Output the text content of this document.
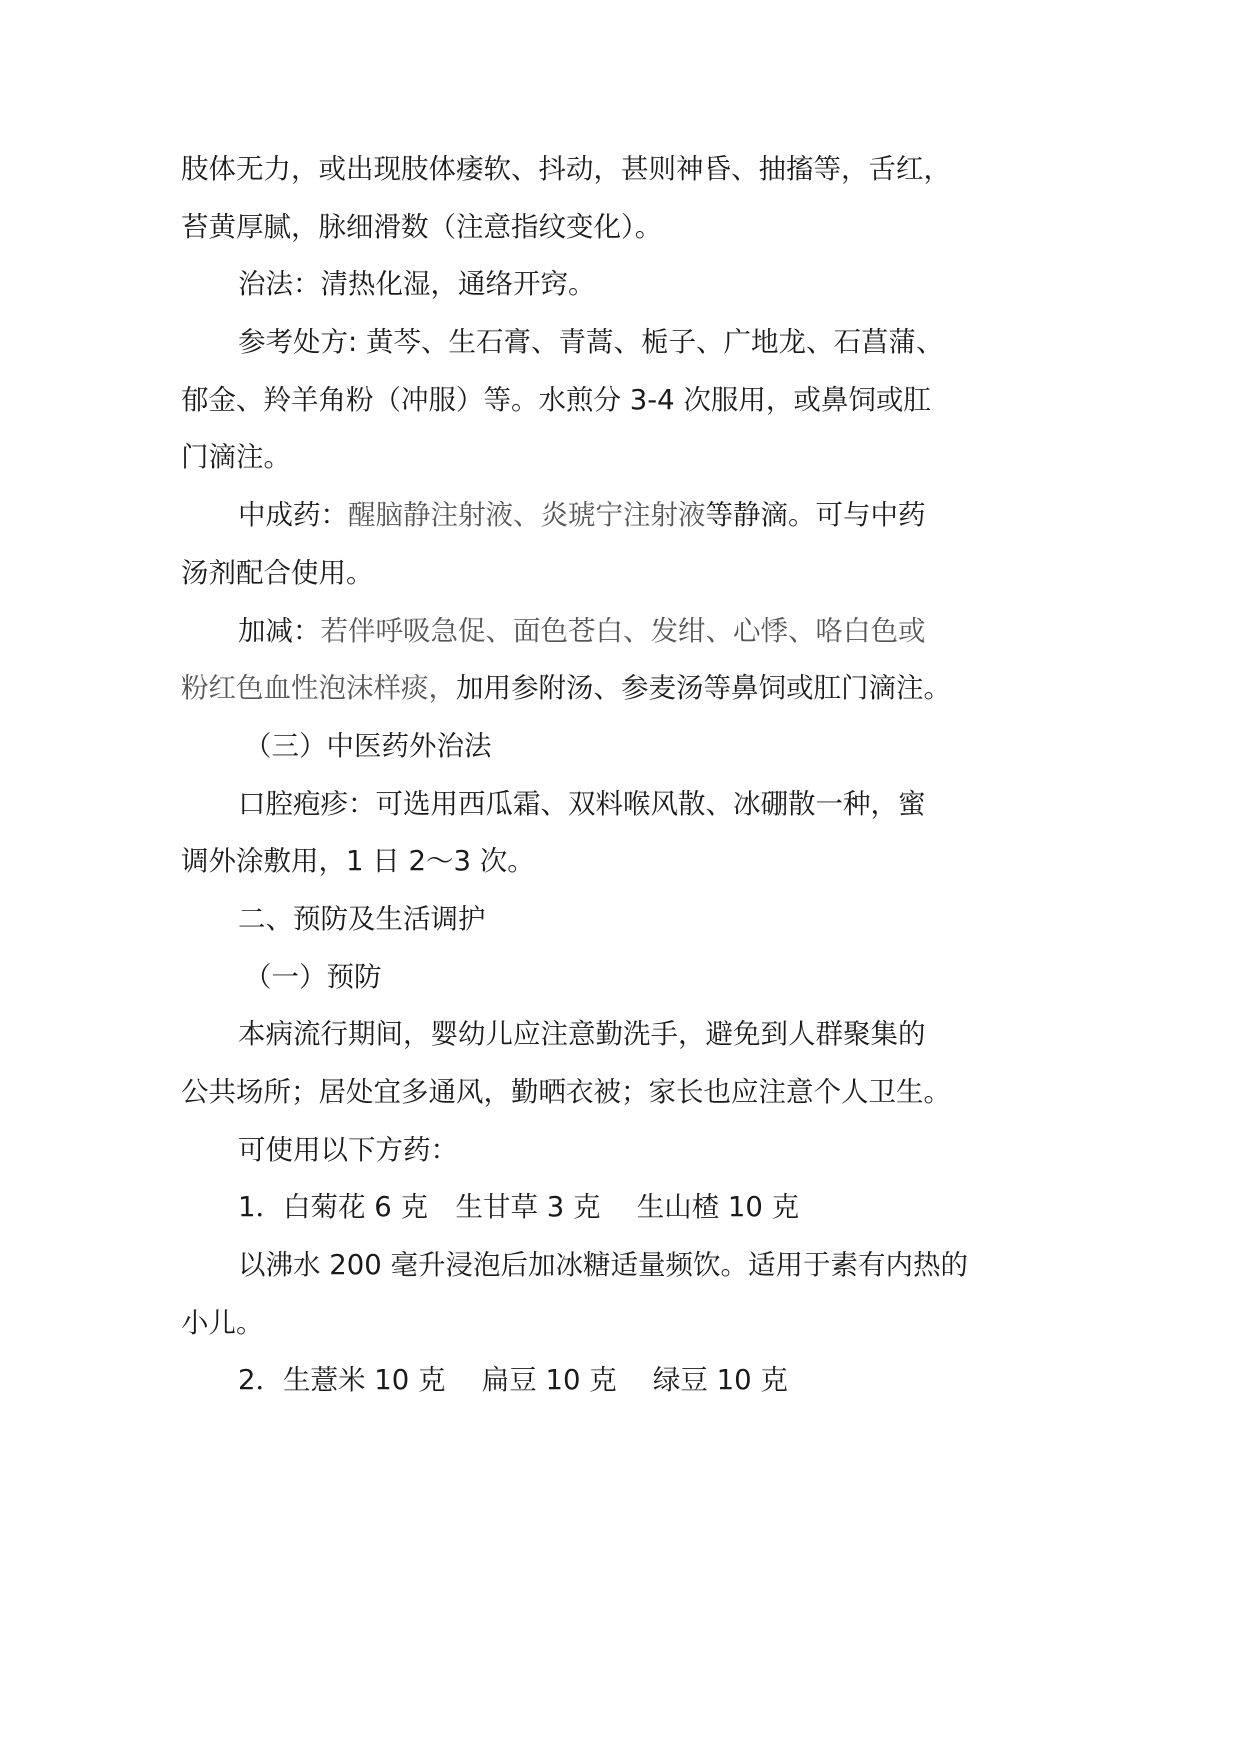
肢体无力，或出现肢体痿软、抖动，甚则神昏、抽搐等，舌红，
苔黄厚腻，脉细滑数（注意指纹变化）。
治法：清热化湿，通络开窍。
参考处方: 黄芩、生石膏、青蒿、栀子、广地龙、石菖蒲、
郁金、羚羊角粉（冲服）等。水煎分 3-4 次服用，或鼻饲或肛
门滴注。
中成药：醒脑静注射液、炎琥宁注射液等静滴。可与中药
汤剂配合使用。
加减：若伴呼吸急促、面色苍白、发绀、心悸、咯白色或
粉红色血性泡沫样痰，加用参附汤、参麦汤等鼻饲或肛门滴注。
（三）中医药外治法
口腔疱疹：可选用西瓜霜、双料喉风散、冰硼散一种，蜜
调外涂敷用，1 日 2～3 次。
二、预防及生活调护
（一）预防
本病流行期间，婴幼儿应注意勤洗手，避免到人群聚集的
公共场所；居处宜多通风，勤晒衣被；家长也应注意个人卫生。
可使用以下方药：
1．白菊花 6 克　生甘草 3 克　 生山楂 10 克
以沸水 200 毫升浸泡后加冰糖适量频饮。适用于素有内热的
小儿。
2．生薏米 10 克　 扁豆 10 克　 绿豆 10 克
